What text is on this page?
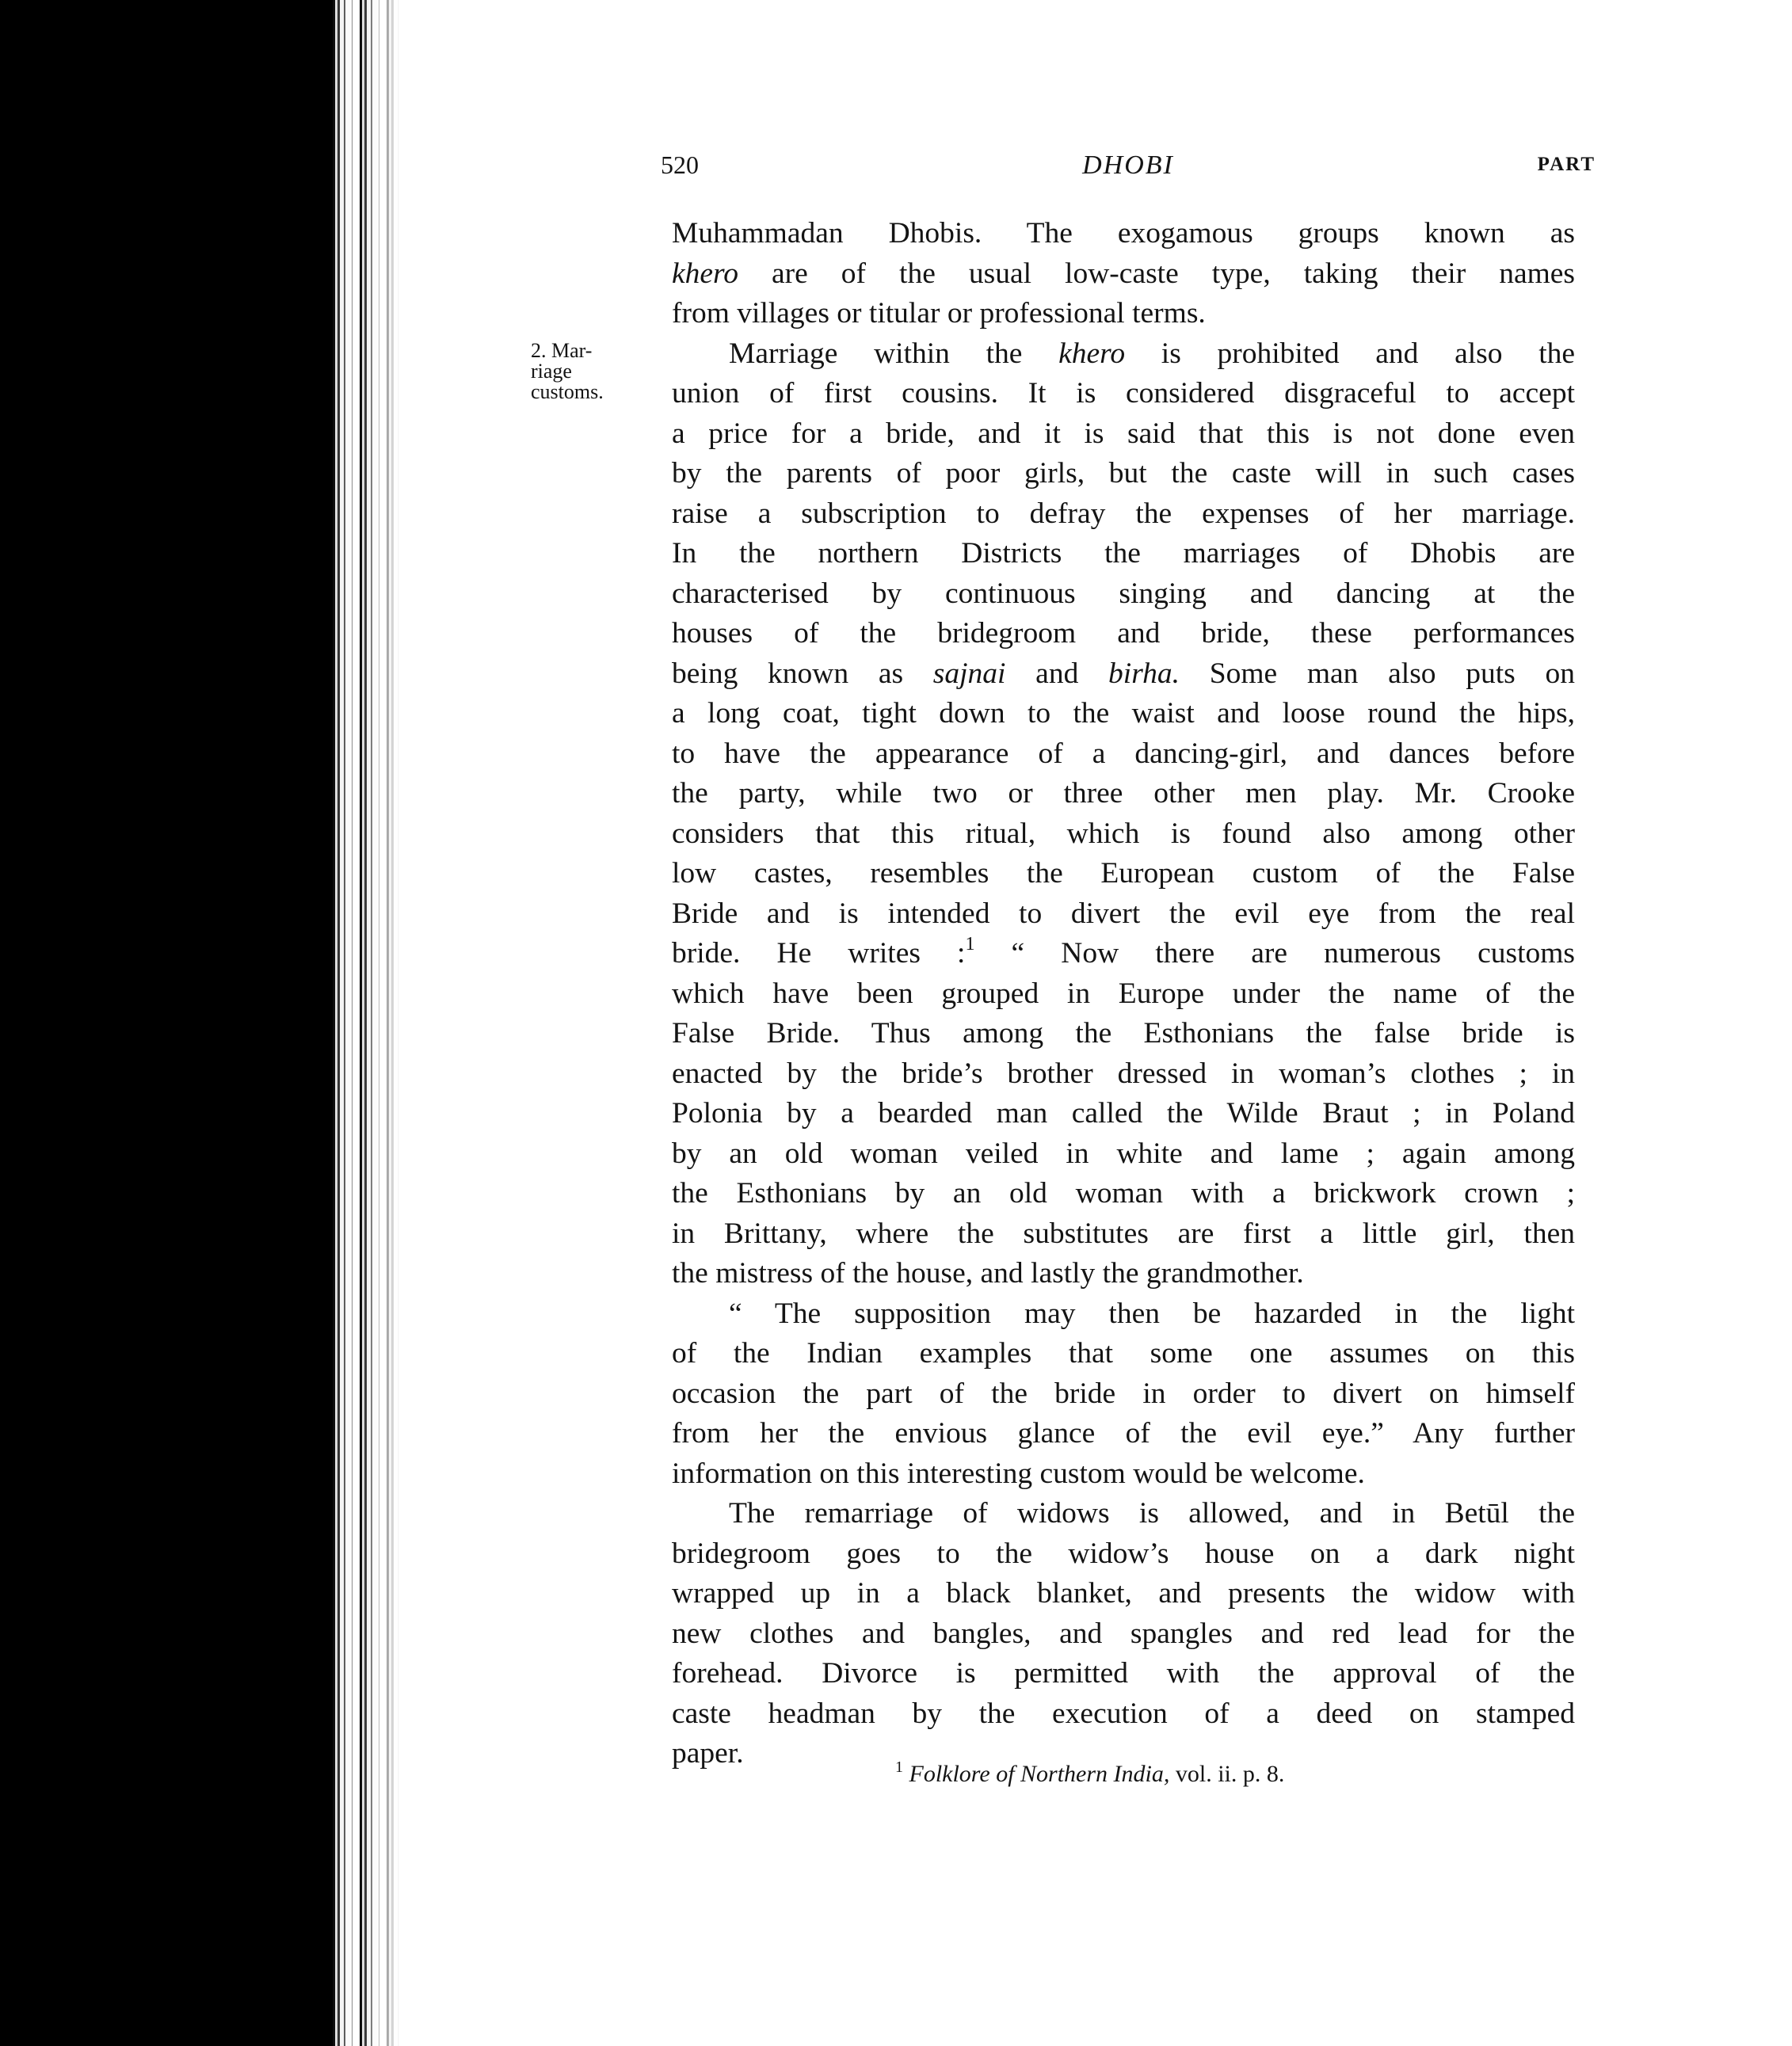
520	DHOBI	PART
2. Mar-
riage
customs.
Muhammadan Dhobis. The exogamous groups known as
khero are of the usual low-caste type, taking their names
from villages or titular or professional terms.
Marriage within the khero is prohibited and also the
union of first cousins. It is considered disgraceful to accept
a price for a bride, and it is said that this is not done even
by the parents of poor girls, but the caste will in such cases
raise a subscription to defray the expenses of her marriage.
In the northern Districts the marriages of Dhobis are
characterised by continuous singing and dancing at the
houses of the bridegroom and bride, these performances
being known as sajnai and birha. Some man also puts on
a long coat, tight down to the waist and loose round the hips,
to have the appearance of a dancing-girl, and dances before
the party, while two or three other men play. Mr. Crooke
considers that this ritual, which is found also among other
low castes, resembles the European custom of the False
Bride and is intended to divert the evil eye from the real
bride. He writes :$^1$ “ Now there are numerous customs
which have been grouped in Europe under the name of the
False Bride. Thus among the Esthonians the false bride is
enacted by the bride’s brother dressed in woman’s clothes ; in
Polonia by a bearded man called the Wilde Braut ; in Poland
by an old woman veiled in white and lame ; again among
the Esthonians by an old woman with a brickwork crown ;
in Brittany, where the substitutes are first a little girl, then
the mistress of the house, and lastly the grandmother.
“ The supposition may then be hazarded in the light
of the Indian examples that some one assumes on this
occasion the part of the bride in order to divert on himself
from her the envious glance of the evil eye.” Any further
information on this interesting custom would be welcome.
The remarriage of widows is allowed, and in Betūl the
bridegroom goes to the widow’s house on a dark night
wrapped up in a black blanket, and presents the widow with
new clothes and bangles, and spangles and red lead for the
forehead. Divorce is permitted with the approval of the
caste headman by the execution of a deed on stamped
paper.	$^1$ Folklore of Northern India, vol. ii. p. 8.
